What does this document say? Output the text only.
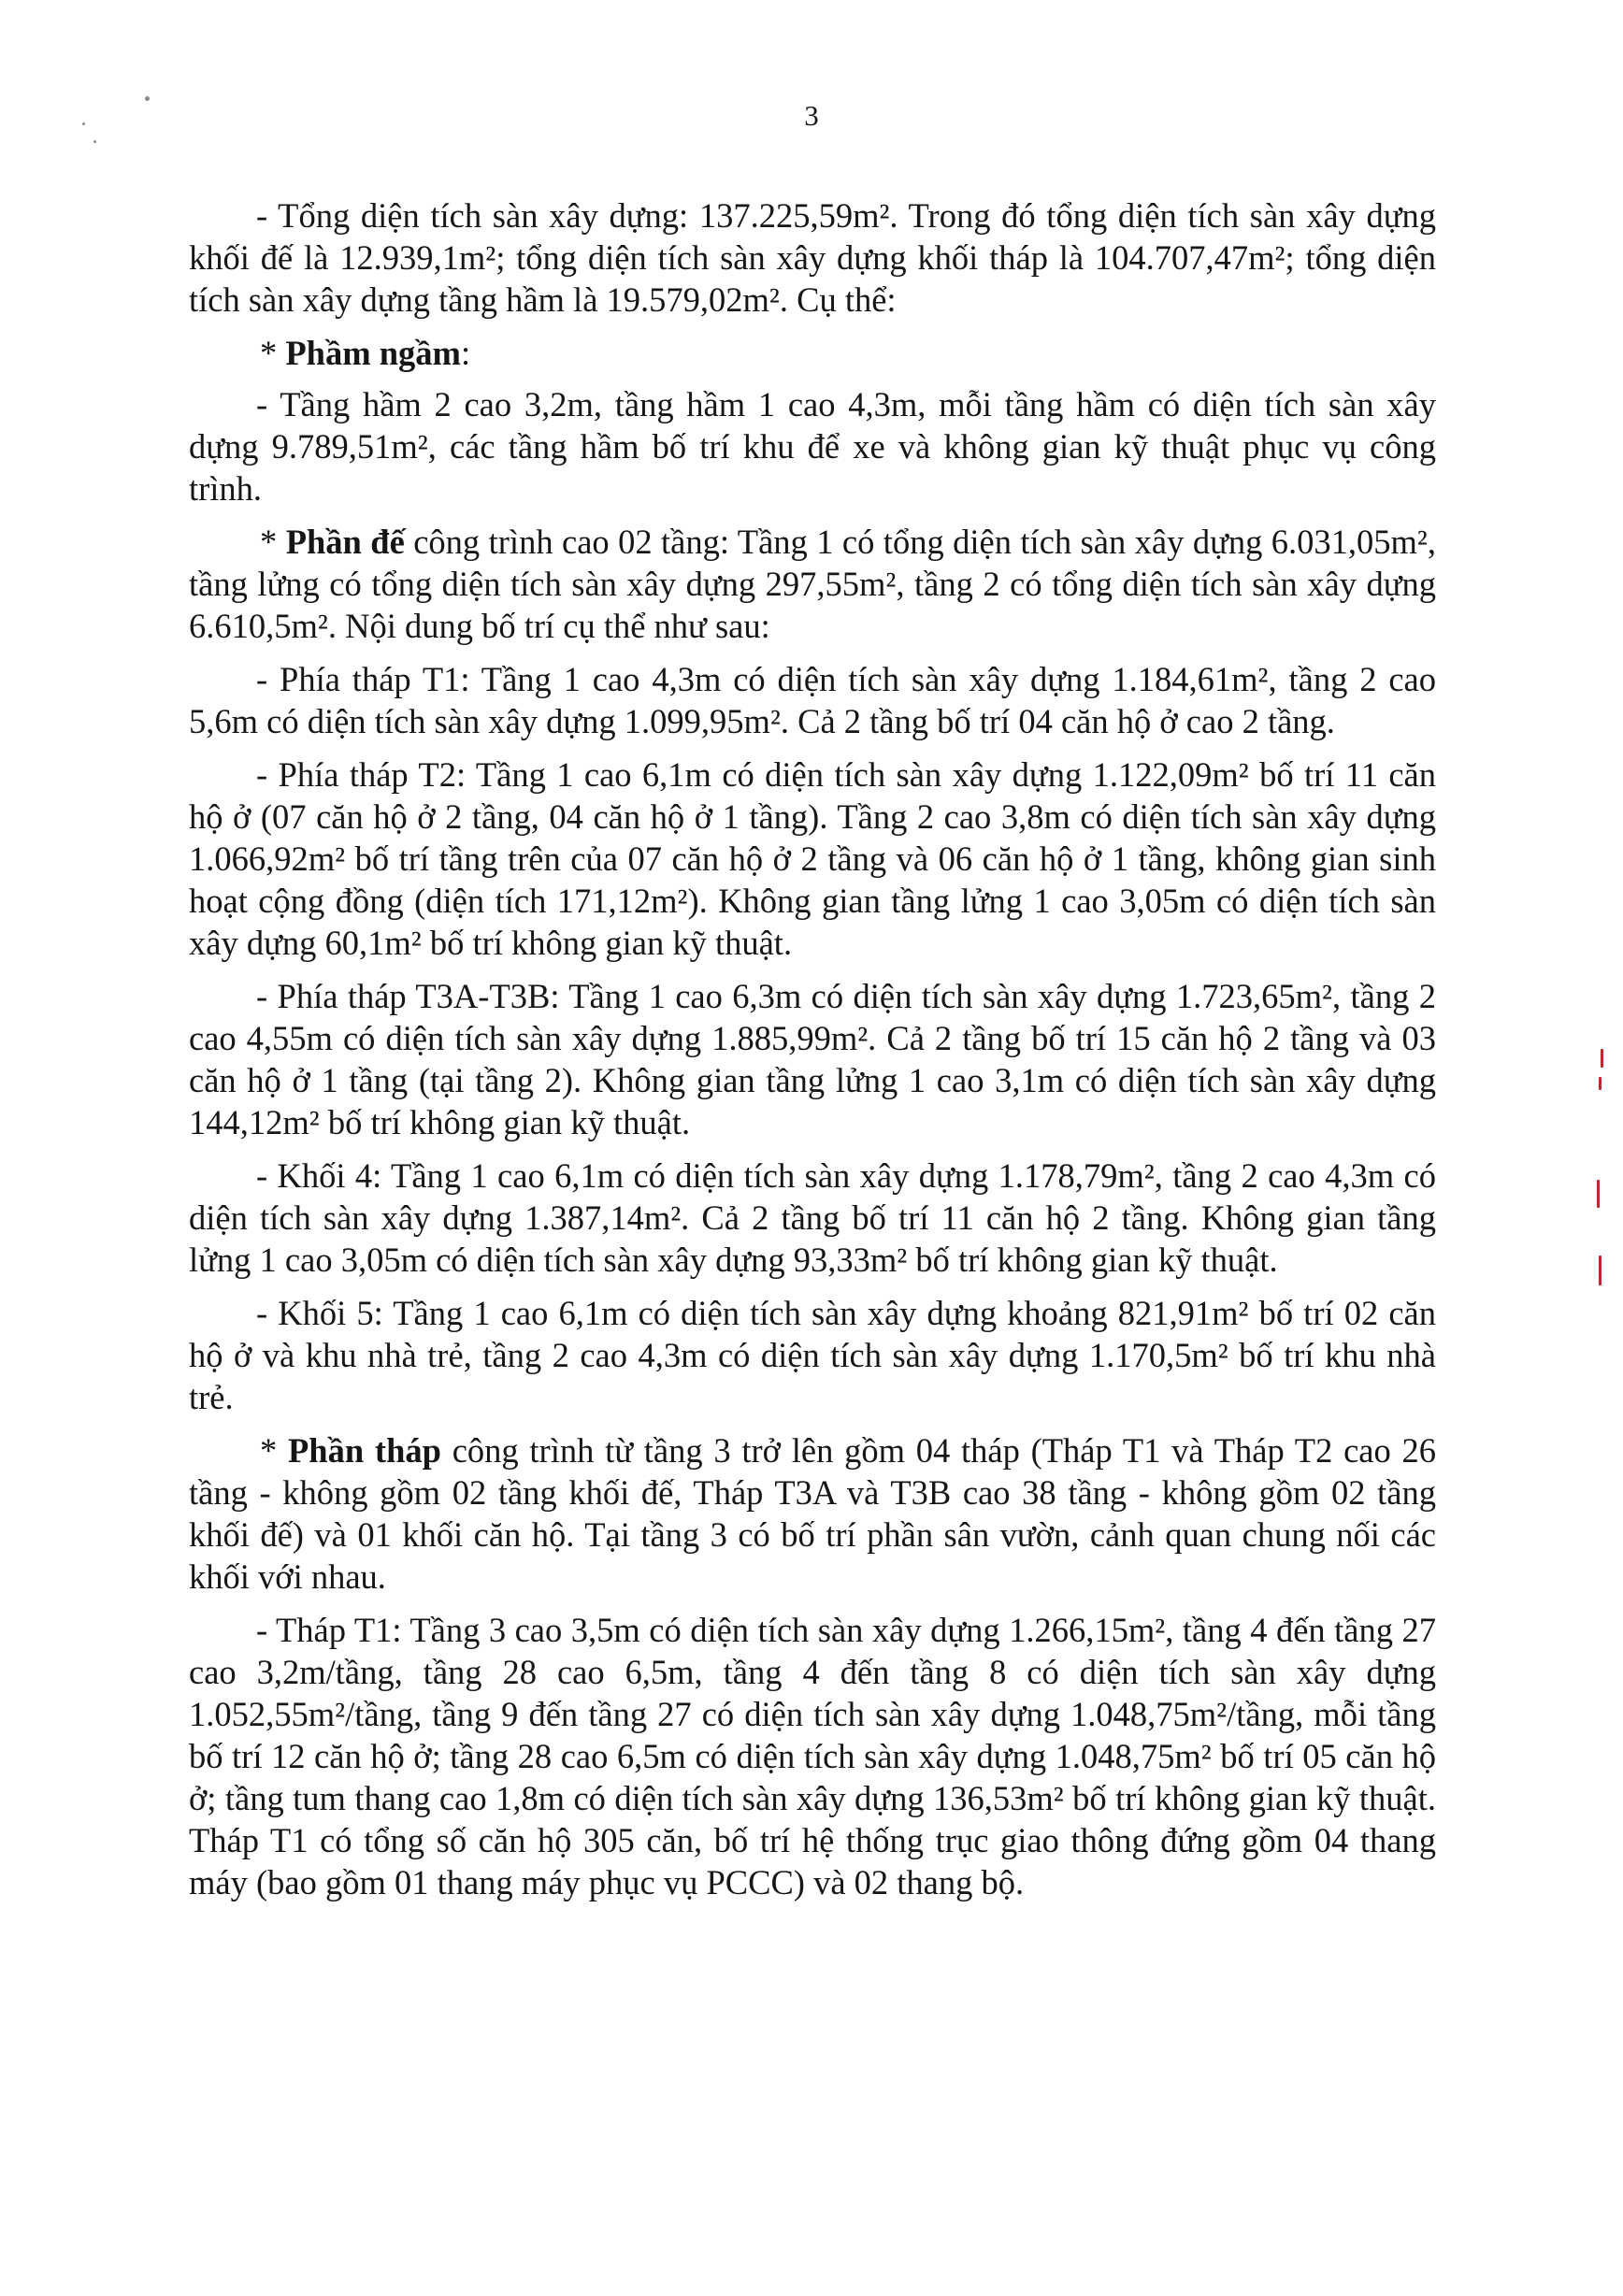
3

- Tổng diện tích sàn xây dựng: 137.225,59m². Trong đó tổng diện tích sàn xây dựng khối đế là 12.939,1m²; tổng diện tích sàn xây dựng khối tháp là 104.707,47m²; tổng diện tích sàn xây dựng tầng hầm là 19.579,02m². Cụ thể:

* Phầm ngầm:

- Tầng hầm 2 cao 3,2m, tầng hầm 1 cao 4,3m, mỗi tầng hầm có diện tích sàn xây dựng 9.789,51m², các tầng hầm bố trí khu để xe và không gian kỹ thuật phục vụ công trình.

* Phần đế công trình cao 02 tầng: Tầng 1 có tổng diện tích sàn xây dựng 6.031,05m², tầng lửng có tổng diện tích sàn xây dựng 297,55m², tầng 2 có tổng diện tích sàn xây dựng 6.610,5m². Nội dung bố trí cụ thể như sau:

- Phía tháp T1: Tầng 1 cao 4,3m có diện tích sàn xây dựng 1.184,61m², tầng 2 cao 5,6m có diện tích sàn xây dựng 1.099,95m². Cả 2 tầng bố trí 04 căn hộ ở cao 2 tầng.

- Phía tháp T2: Tầng 1 cao 6,1m có diện tích sàn xây dựng 1.122,09m² bố trí 11 căn hộ ở (07 căn hộ ở 2 tầng, 04 căn hộ ở 1 tầng). Tầng 2 cao 3,8m có diện tích sàn xây dựng 1.066,92m² bố trí tầng trên của 07 căn hộ ở 2 tầng và 06 căn hộ ở 1 tầng, không gian sinh hoạt cộng đồng (diện tích 171,12m²). Không gian tầng lửng 1 cao 3,05m có diện tích sàn xây dựng 60,1m² bố trí không gian kỹ thuật.

- Phía tháp T3A-T3B: Tầng 1 cao 6,3m có diện tích sàn xây dựng 1.723,65m², tầng 2 cao 4,55m có diện tích sàn xây dựng 1.885,99m². Cả 2 tầng bố trí 15 căn hộ 2 tầng và 03 căn hộ ở 1 tầng (tại tầng 2). Không gian tầng lửng 1 cao 3,1m có diện tích sàn xây dựng 144,12m² bố trí không gian kỹ thuật.

- Khối 4: Tầng 1 cao 6,1m có diện tích sàn xây dựng 1.178,79m², tầng 2 cao 4,3m có diện tích sàn xây dựng 1.387,14m². Cả 2 tầng bố trí 11 căn hộ 2 tầng. Không gian tầng lửng 1 cao 3,05m có diện tích sàn xây dựng 93,33m² bố trí không gian kỹ thuật.

- Khối 5: Tầng 1 cao 6,1m có diện tích sàn xây dựng khoảng 821,91m² bố trí 02 căn hộ ở và khu nhà trẻ, tầng 2 cao 4,3m có diện tích sàn xây dựng 1.170,5m² bố trí khu nhà trẻ.

* Phần tháp công trình từ tầng 3 trở lên gồm 04 tháp (Tháp T1 và Tháp T2 cao 26 tầng - không gồm 02 tầng khối đế, Tháp T3A và T3B cao 38 tầng - không gồm 02 tầng khối đế) và 01 khối căn hộ. Tại tầng 3 có bố trí phần sân vườn, cảnh quan chung nối các khối với nhau.

- Tháp T1: Tầng 3 cao 3,5m có diện tích sàn xây dựng 1.266,15m², tầng 4 đến tầng 27 cao 3,2m/tầng, tầng 28 cao 6,5m, tầng 4 đến tầng 8 có diện tích sàn xây dựng 1.052,55m²/tầng, tầng 9 đến tầng 27 có diện tích sàn xây dựng 1.048,75m²/tầng, mỗi tầng bố trí 12 căn hộ ở; tầng 28 cao 6,5m có diện tích sàn xây dựng 1.048,75m² bố trí 05 căn hộ ở; tầng tum thang cao 1,8m có diện tích sàn xây dựng 136,53m² bố trí không gian kỹ thuật. Tháp T1 có tổng số căn hộ 305 căn, bố trí hệ thống trục giao thông đứng gồm 04 thang máy (bao gồm 01 thang máy phục vụ PCCC) và 02 thang bộ.
